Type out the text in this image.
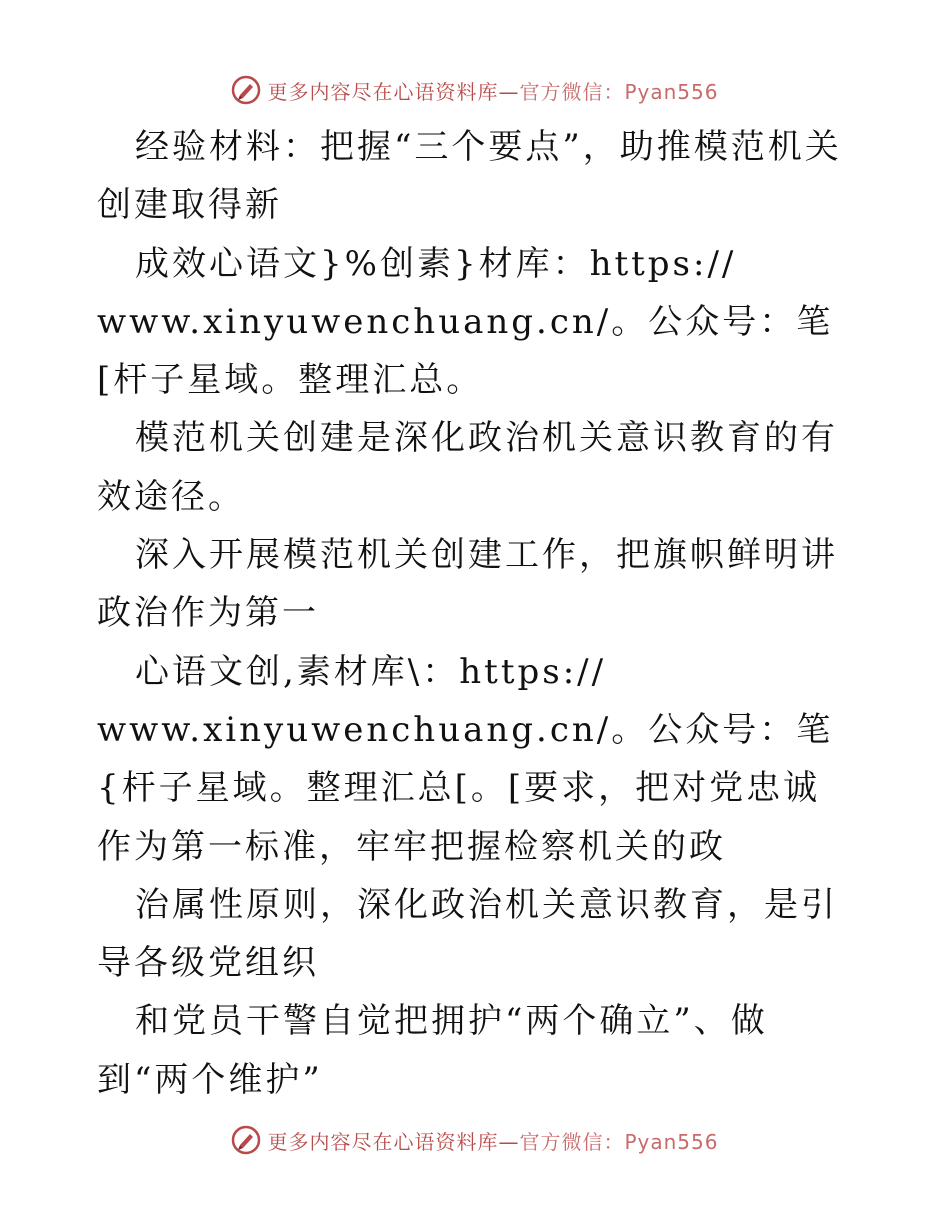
更多内容尽在心语资料库—官方微信：Pyan556

经验材料：把握“三个要点”，助推模范机关创建取得新

成效心语文}%创素}材库：https://
www.xinyuwenchuang.cn/。公众号：笔[杆子星域。整理汇总。

模范机关创建是深化政治机关意识教育的有效途径。

深入开展模范机关创建工作，把旗帜鲜明讲政治作为第一

心语文创,素材库\：https://
www.xinyuwenchuang.cn/。公众号：笔{杆子星域。整理汇总[。[要求，把对党忠诚作为第一标准，牢牢把握检察机关的政

治属性原则，深化政治机关意识教育，是引导各级党组织

和党员干警自觉把拥护“两个确立”、做到“两个维护”

更多内容尽在心语资料库—官方微信：Pyan556
